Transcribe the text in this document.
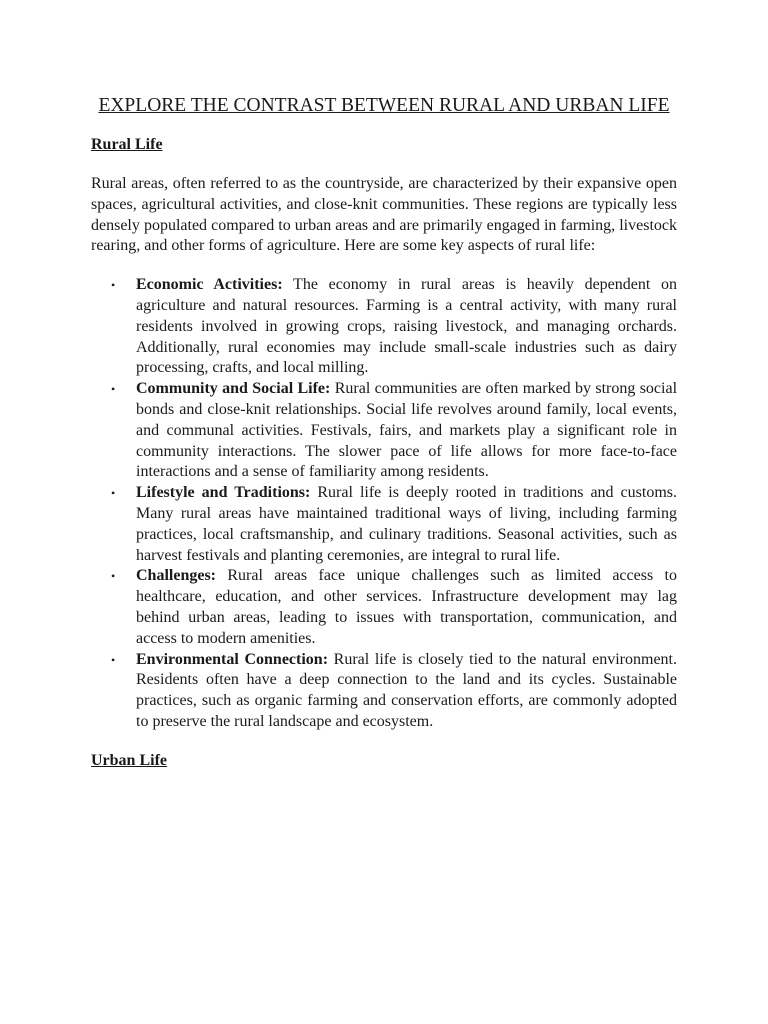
EXPLORE THE CONTRAST BETWEEN RURAL AND URBAN LIFE
Rural Life

Rural areas, often referred to as the countryside, are characterized by their expansive open spaces, agricultural activities, and close-knit communities. These regions are typically less densely populated compared to urban areas and are primarily engaged in farming, livestock rearing, and other forms of agriculture. Here are some key aspects of rural life:

• Economic Activities: The economy in rural areas is heavily dependent on agriculture and natural resources. Farming is a central activity, with many rural residents involved in growing crops, raising livestock, and managing orchards. Additionally, rural economies may include small-scale industries such as dairy processing, crafts, and local milling.
• Community and Social Life: Rural communities are often marked by strong social bonds and close-knit relationships. Social life revolves around family, local events, and communal activities. Festivals, fairs, and markets play a significant role in community interactions. The slower pace of life allows for more face-to-face interactions and a sense of familiarity among residents.
• Lifestyle and Traditions: Rural life is deeply rooted in traditions and customs. Many rural areas have maintained traditional ways of living, including farming practices, local craftsmanship, and culinary traditions. Seasonal activities, such as harvest festivals and planting ceremonies, are integral to rural life.
• Challenges: Rural areas face unique challenges such as limited access to healthcare, education, and other services. Infrastructure development may lag behind urban areas, leading to issues with transportation, communication, and access to modern amenities.
• Environmental Connection: Rural life is closely tied to the natural environment. Residents often have a deep connection to the land and its cycles. Sustainable practices, such as organic farming and conservation efforts, are commonly adopted to preserve the rural landscape and ecosystem.
Urban Life
